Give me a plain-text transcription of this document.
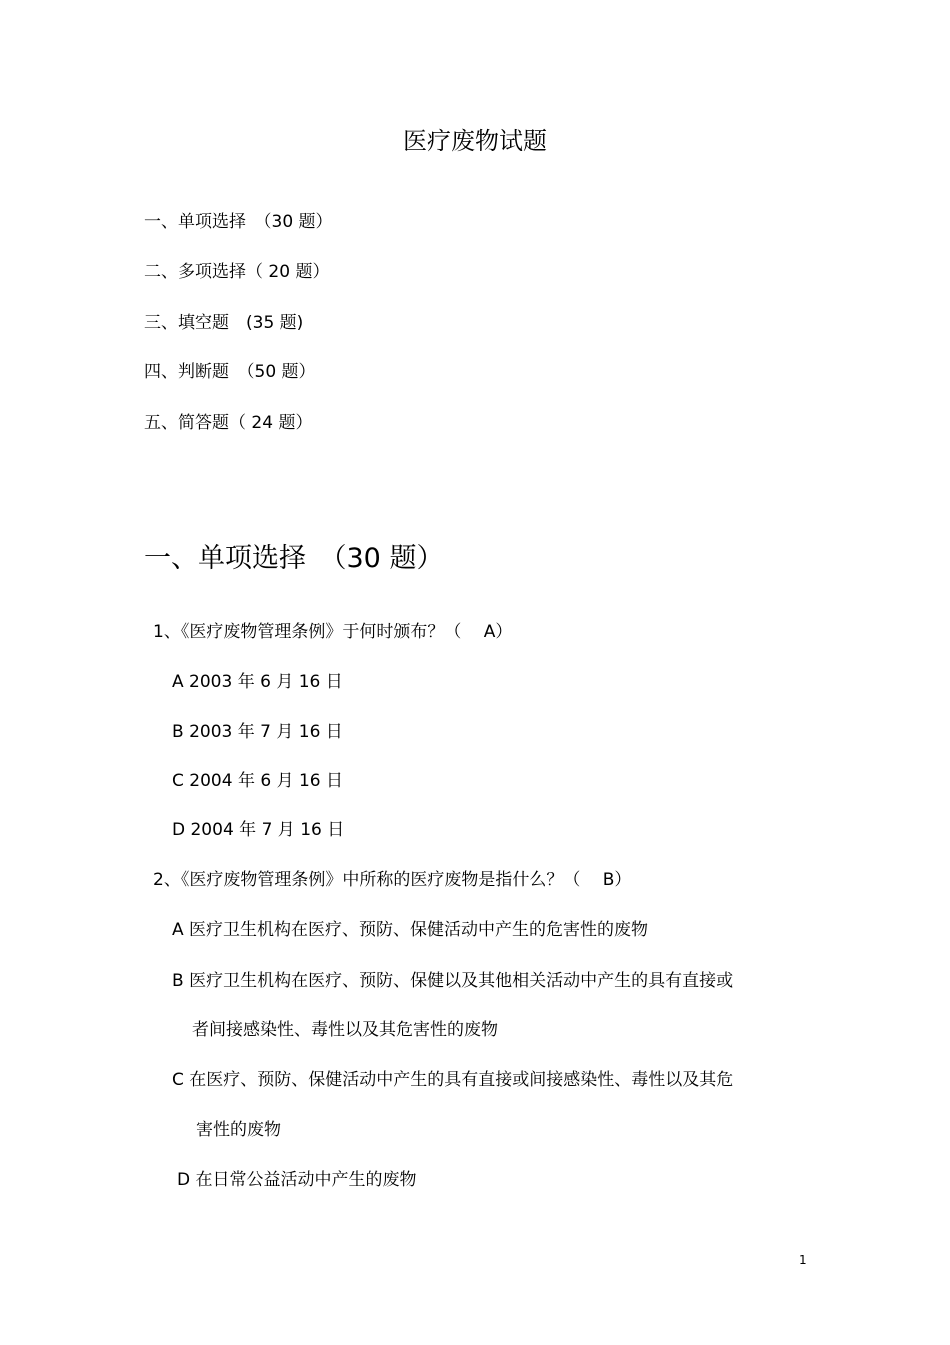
医疗废物试题
一、单项选择　（30 题）
二、多项选择（ 20 题）
三、填空题　(35 题)
四、判断题　（50 题）
五、简答题（ 24 题）
一、单项选择　（30 题）
1、《医疗废物管理条例》于何时颁布？（　 A）
A 2003 年 6 月 16 日
B 2003 年 7 月 16 日
C 2004 年 6 月 16 日
D 2004 年 7 月 16 日
2、《医疗废物管理条例》中所称的医疗废物是指什么？（　 B）
A 医疗卫生机构在医疗、预防、保健活动中产生的危害性的废物
B 医疗卫生机构在医疗、预防、保健以及其他相关活动中产生的具有直接或
者间接感染性、毒性以及其危害性的废物
C 在医疗、预防、保健活动中产生的具有直接或间接感染性、毒性以及其危
害性的废物
D 在日常公益活动中产生的废物
1
